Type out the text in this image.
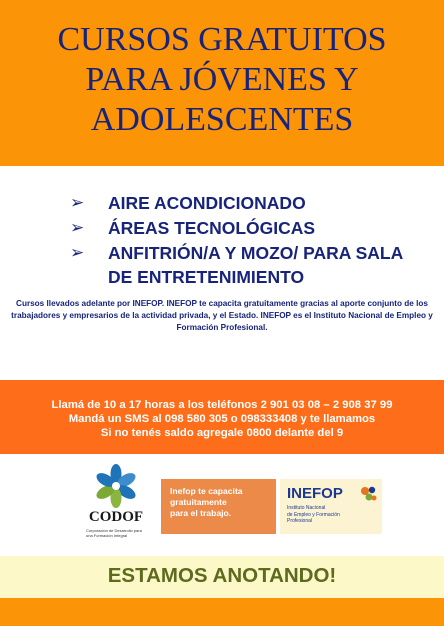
CURSOS GRATUITOS
PARA JÓVENES Y
ADOLESCENTES
➢ AIRE ACONDICIONADO
➢ ÁREAS TECNOLÓGICAS
➢ ANFITRIÓN/A Y MOZO/ PARA SALA DE ENTRETENIMIENTO

Cursos llevados adelante por INEFOP. INEFOP te capacita gratuitamente gracias al aporte conjunto de los trabajadores y empresarios de la actividad privada, y el Estado. INEFOP es el Instituto Nacional de Empleo y Formación Profesional.

Llamá de 10 a 17 horas a los teléfonos 2 901 03 08 – 2 908 37 99
Mandá un SMS al 098 580 305 o 098333408 y te llamamos
Si no tenés saldo agregale 0800 delante del 9

CODOF
Corporación de Desarrollo para una Formación Integral
Inefop te capacita
gratuitamente
para el trabajo.
INEFOP
Instituto Nacional
de Empleo y Formación
Profesional

ESTAMOS ANOTANDO!
